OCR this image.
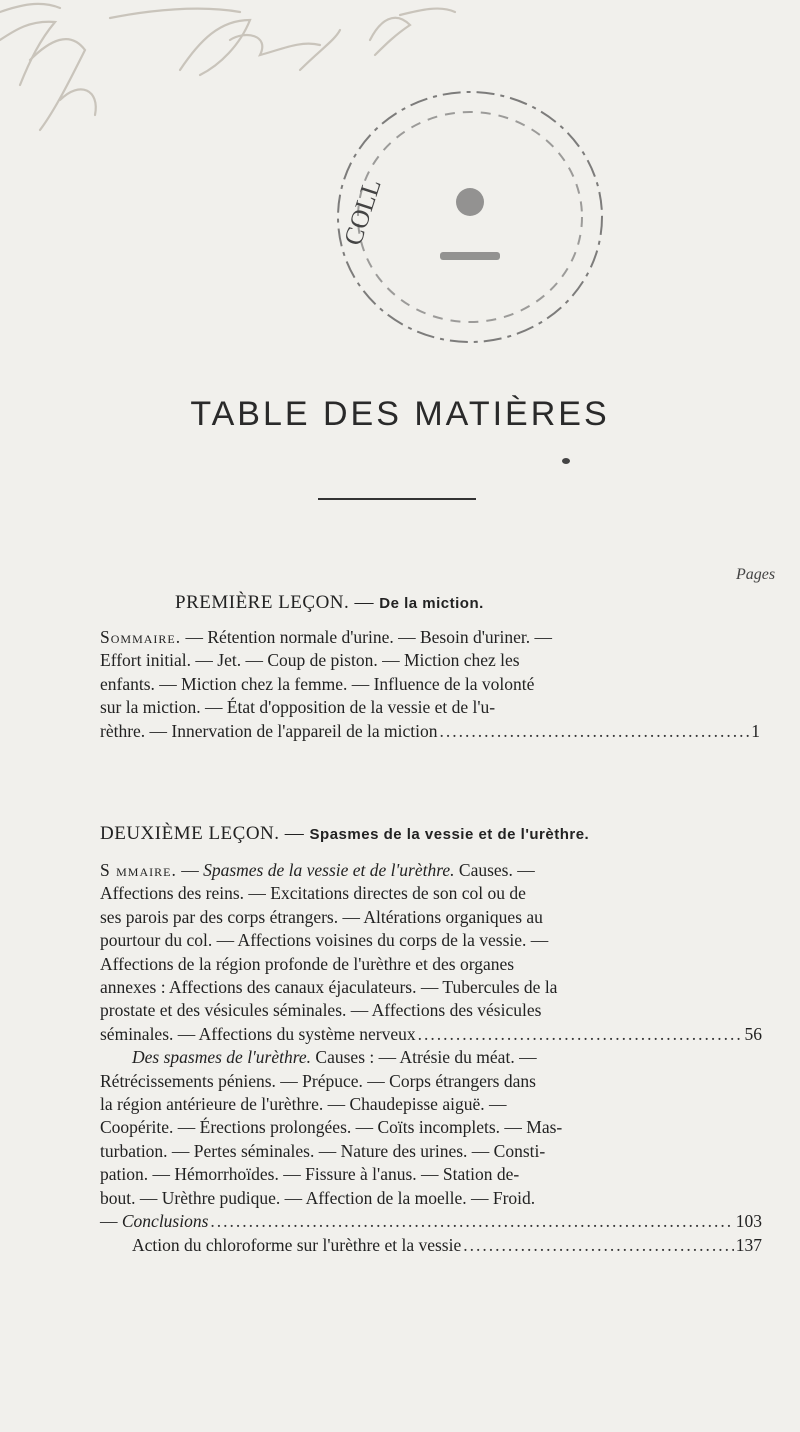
COLL
TABLE DES MATIÈRES
Pages
PREMIÈRE LEÇON. — De la miction.
Sommaire. — Rétention normale d'urine. — Besoin d'uriner. —
Effort initial. — Jet. — Coup de piston. — Miction chez les
enfants. — Miction chez la femme. — Influence de la volonté
sur la miction. — État d'opposition de la vessie et de l'u-
rèthre. — Innervation de l'appareil de la miction .....	1
DEUXIÈME LEÇON. — Spasmes de la vessie et de l'urèthre.
S mmaire. — Spasmes de la vessie et de l'urèthre. Causes. —
Affections des reins. — Excitations directes de son col ou de
ses parois par des corps étrangers. — Altérations organiques au
pourtour du col. — Affections voisines du corps de la vessie. —
Affections de la région profonde de l'urèthre et des organes
annexes : Affections des canaux éjaculateurs. — Tubercules de la
prostate et des vésicules séminales. — Affections des vésicules
séminales. — Affections du système nerveux .....	56
Des spasmes de l'urèthre. Causes : — Atrésie du méat. —
Rétrécissements péniens. — Prépuce. — Corps étrangers dans
la région antérieure de l'urèthre. — Chaudepisse aiguë. —
Coopérite. — Érections prolongées. — Coïts incomplets. — Mas-
turbation. — Pertes séminales. — Nature des urines. — Consti-
pation. — Hémorrhoïdes. — Fissure à l'anus. — Station de-
bout. — Urèthre pudique. — Affection de la moelle. — Froid.
—
Conclusions .....	103
Action du chloroforme sur l'urèthre et la vessie .....	137
